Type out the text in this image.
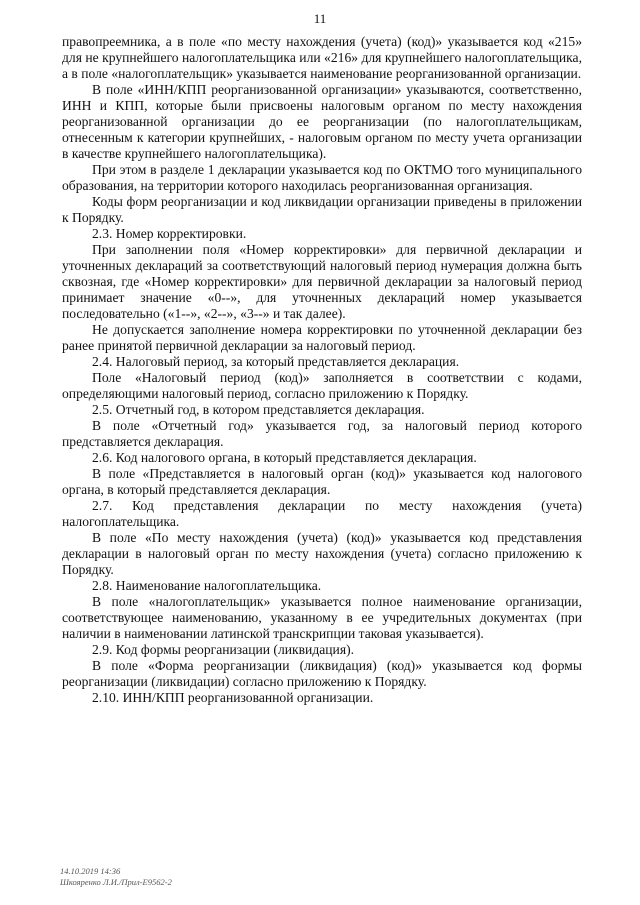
11

правопреемника, а в поле «по месту нахождения (учета) (код)» указывается код «215» для не крупнейшего налогоплательщика или «216» для крупнейшего налогоплательщика, а в поле «налогоплательщик» указывается наименование реорганизованной организации.

В поле «ИНН/КПП реорганизованной организации» указываются, соответственно, ИНН и КПП, которые были присвоены налоговым органом по месту нахождения реорганизованной организации до ее реорганизации (по налогоплательщикам, отнесенным к категории крупнейших, - налоговым органом по месту учета организации в качестве крупнейшего налогоплательщика).

При этом в разделе 1 декларации указывается код по ОКТМО того муниципального образования, на территории которого находилась реорганизованная организация.

Коды форм реорганизации и код ликвидации организации приведены в приложении к Порядку.

2.3. Номер корректировки.

При заполнении поля «Номер корректировки» для первичной декларации и уточненных деклараций за соответствующий налоговый период нумерация должна быть сквозная, где «Номер корректировки» для первичной декларации за налоговый период принимает значение «0--», для уточненных деклараций номер указывается последовательно («1--», «2--», «3--» и так далее).

Не допускается заполнение номера корректировки по уточненной декларации без ранее принятой первичной декларации за налоговый период.

2.4. Налоговый период, за который представляется декларация.

Поле «Налоговый период (код)» заполняется в соответствии с кодами, определяющими налоговый период, согласно приложению к Порядку.

2.5. Отчетный год, в котором представляется декларация.

В поле «Отчетный год» указывается год, за налоговый период которого представляется декларация.

2.6. Код налогового органа, в который представляется декларация.

В поле «Представляется в налоговый орган (код)» указывается код налогового органа, в который представляется декларация.

2.7. Код представления декларации по месту нахождения (учета) налогоплательщика.

В поле «По месту нахождения (учета) (код)» указывается код представления декларации в налоговый орган по месту нахождения (учета) согласно приложению к Порядку.

2.8. Наименование налогоплательщика.

В поле «налогоплательщик» указывается полное наименование организации, соответствующее наименованию, указанному в ее учредительных документах (при наличии в наименовании латинской транскрипции таковая указывается).

2.9. Код формы реорганизации (ликвидация).

В поле «Форма реорганизации (ликвидация) (код)» указывается код формы реорганизации (ликвидации) согласно приложению к Порядку.

2.10. ИНН/КПП реорганизованной организации.

14.10.2019 14:36
Шкояренко Л.И./Прил-E9562-2
